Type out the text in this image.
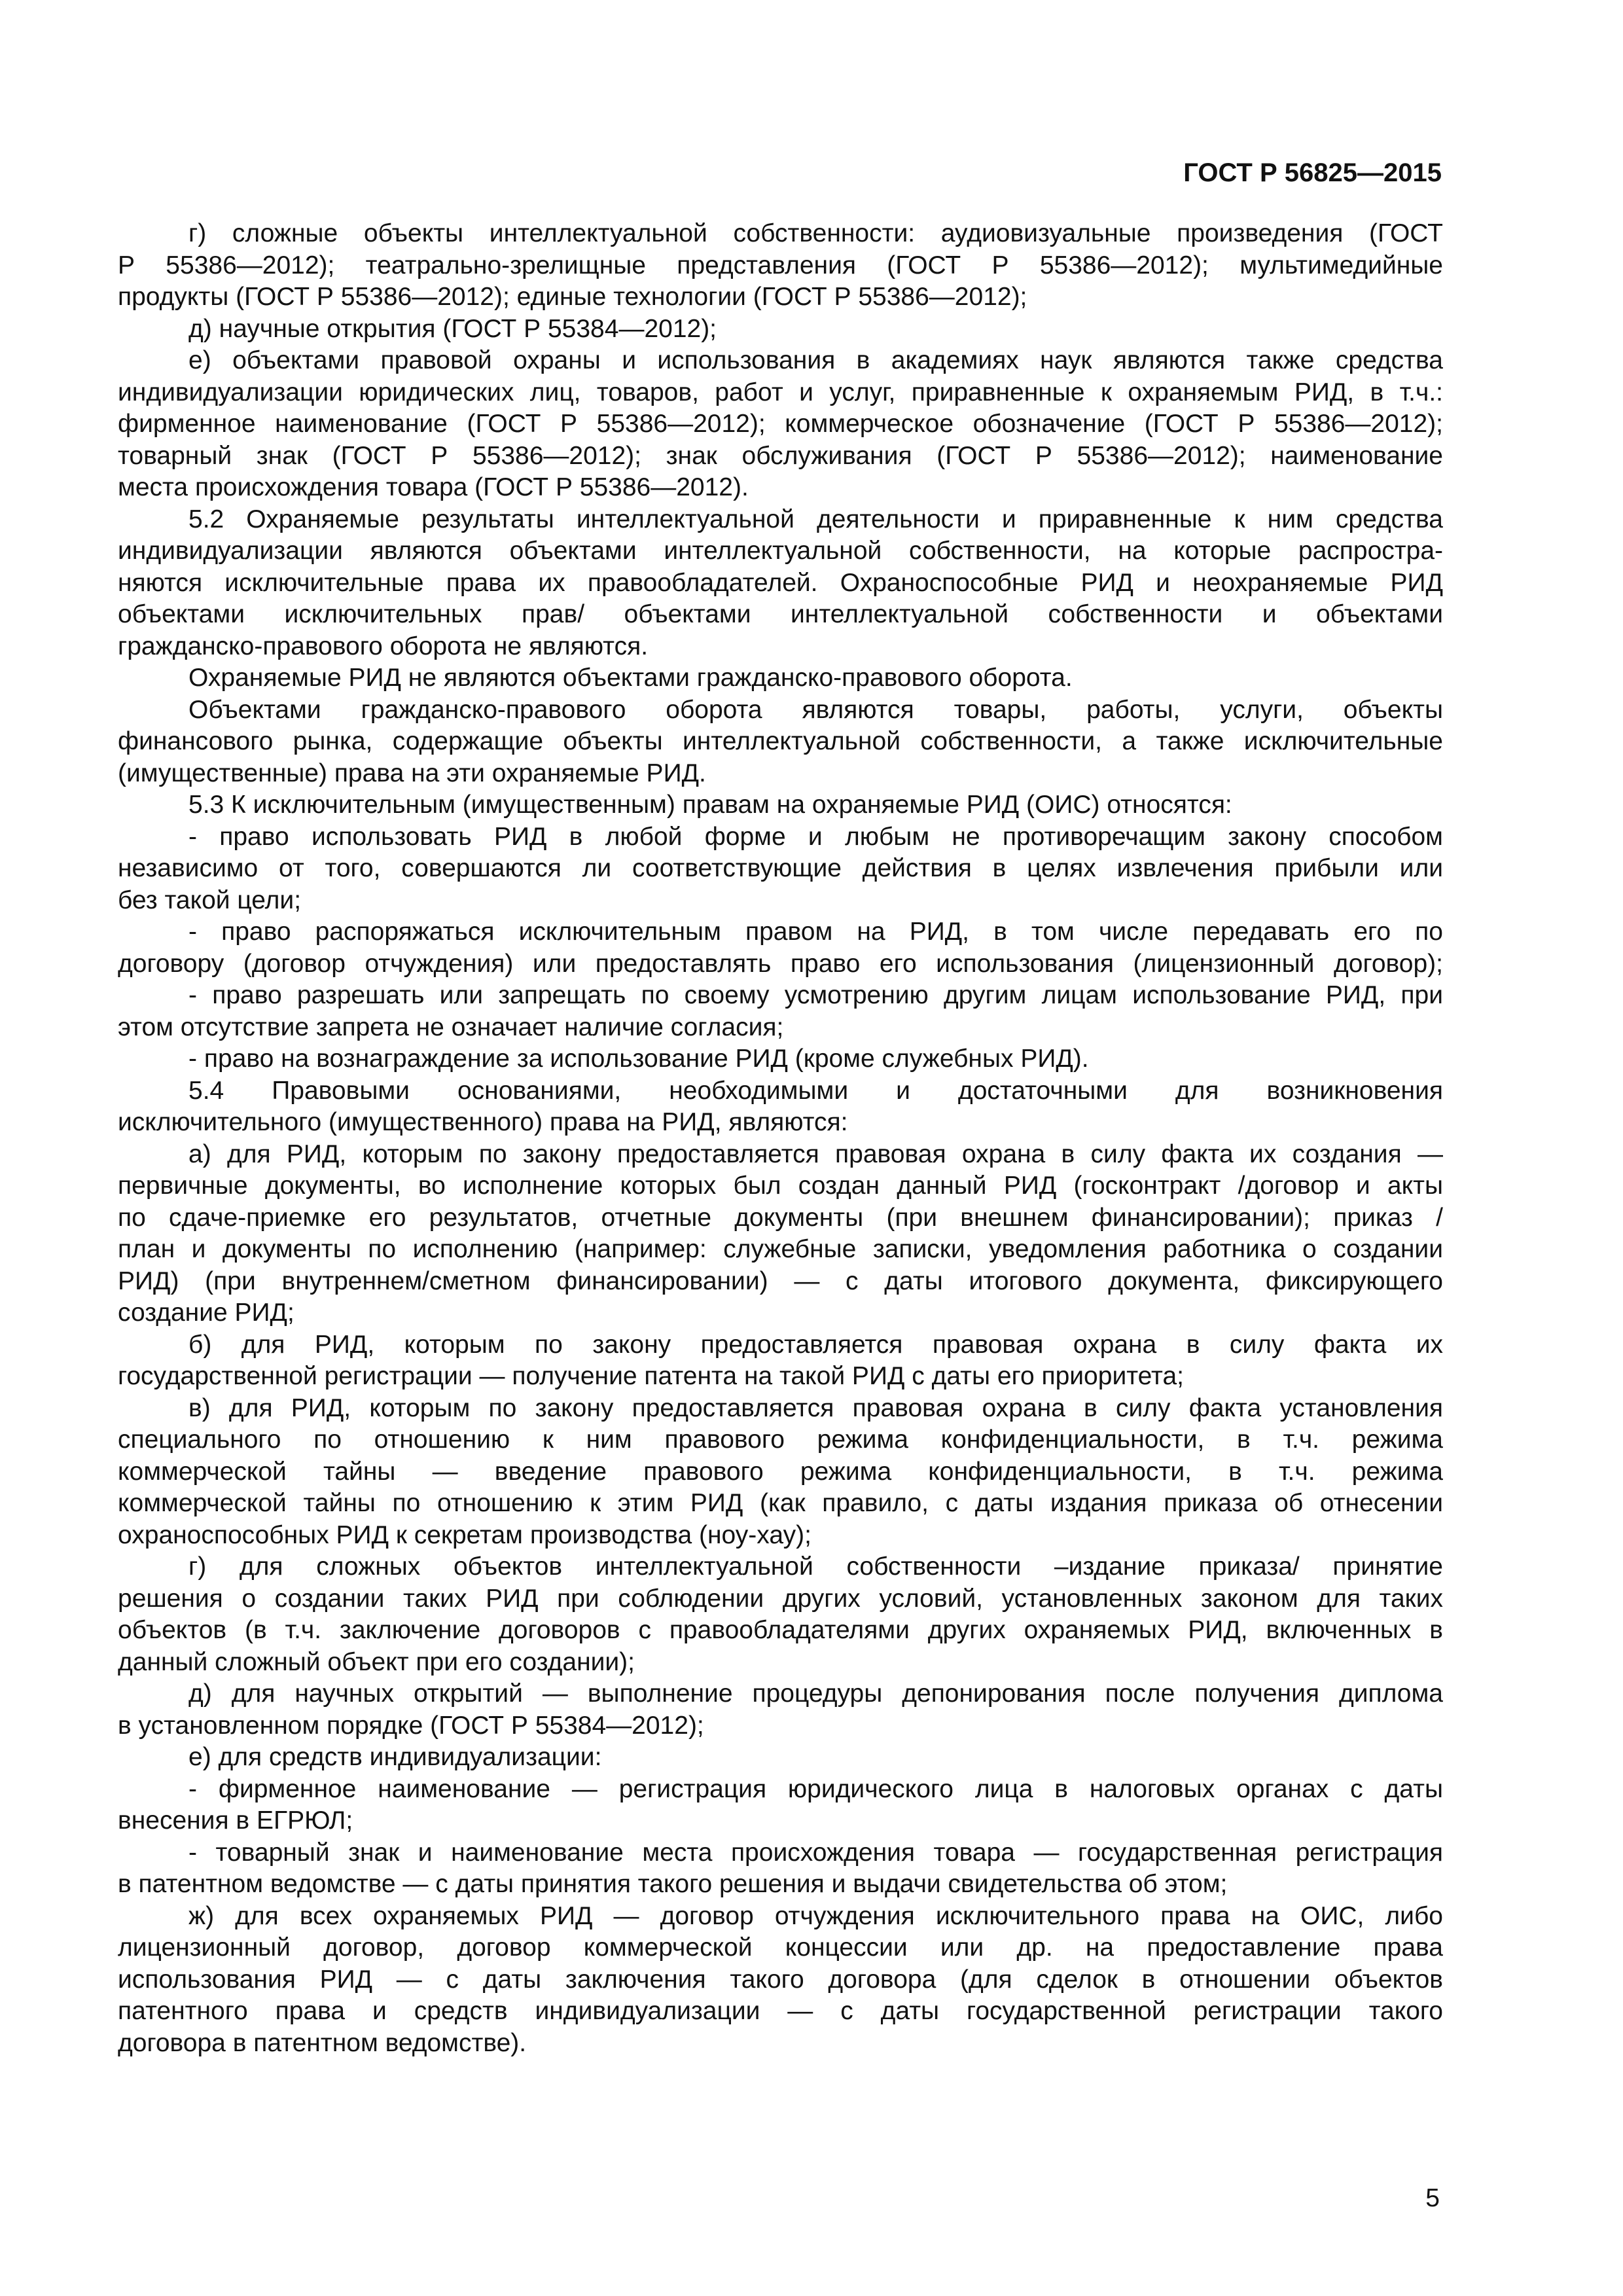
ГОСТ Р 56825—2015

г) сложные объекты интеллектуальной собственности: аудиовизуальные произведения (ГОСТ

Р 55386—2012); театрально-зрелищные представления (ГОСТ Р 55386—2012); мультимедийные

продукты (ГОСТ Р 55386—2012); единые технологии (ГОСТ Р 55386—2012);

д) научные открытия (ГОСТ Р 55384—2012);

е) объектами правовой охраны и использования в академиях наук являются также средства

индивидуализации юридических лиц, товаров, работ и услуг, приравненные к охраняемым РИД, в т.ч.:

фирменное наименование (ГОСТ Р 55386—2012); коммерческое обозначение (ГОСТ Р 55386—2012);

товарный знак (ГОСТ Р 55386—2012); знак обслуживания (ГОСТ Р 55386—2012); наименование

места происхождения товара (ГОСТ Р 55386—2012).

5.2 Охраняемые результаты интеллектуальной деятельности и приравненные к ним средства

индивидуализации являются объектами интеллектуальной собственности, на которые распростра-

няются исключительные права их правообладателей. Охраноспособные РИД и неохраняемые РИД

объектами исключительных прав/ объектами интеллектуальной собственности и объектами

гражданско-правового оборота не являются.

Охраняемые РИД не являются объектами гражданско-правового оборота.

Объектами гражданско-правового оборота являются товары, работы, услуги, объекты

финансового рынка, содержащие объекты интеллектуальной собственности, а также исключительные

(имущественные) права на эти охраняемые РИД.

5.3 К исключительным (имущественным) правам на охраняемые РИД (ОИС) относятся:

- право использовать РИД в любой форме и любым не противоречащим закону способом

независимо от того, совершаются ли соответствующие действия в целях извлечения прибыли или

без такой цели;

- право распоряжаться исключительным правом на РИД, в том числе передавать его по

договору (договор отчуждения) или предоставлять право его использования (лицензионный договор);

- право разрешать или запрещать по своему усмотрению другим лицам использование РИД, при

этом отсутствие запрета не означает наличие согласия;

- право на вознаграждение за использование РИД (кроме служебных РИД).

5.4 Правовыми основаниями, необходимыми и достаточными для возникновения

исключительного (имущественного) права на РИД, являются:

а) для РИД, которым по закону предоставляется правовая охрана в силу факта их создания —

первичные документы, во исполнение которых был создан данный РИД (госконтракт /договор и акты

по сдаче-приемке его результатов, отчетные документы (при внешнем финансировании); приказ /

план и документы по исполнению (например: служебные записки, уведомления работника о создании

РИД) (при внутреннем/сметном финансировании) — с даты итогового документа, фиксирующего

создание РИД;

б) для РИД, которым по закону предоставляется правовая охрана в силу факта их

государственной регистрации — получение патента на такой РИД с даты его приоритета;

в) для РИД, которым по закону предоставляется правовая охрана в силу факта установления

специального по отношению к ним правового режима конфиденциальности, в т.ч. режима

коммерческой тайны — введение правового режима конфиденциальности, в т.ч. режима

коммерческой тайны по отношению к этим РИД (как правило, с даты издания приказа об отнесении

охраноспособных РИД к секретам производства (ноу-хау);

г) для сложных объектов интеллектуальной собственности –издание приказа/ принятие

решения о создании таких РИД при соблюдении других условий, установленных законом для таких

объектов (в т.ч. заключение договоров с правообладателями других охраняемых РИД, включенных в

данный сложный объект при его создании);

д) для научных открытий — выполнение процедуры депонирования после получения диплома

в установленном порядке (ГОСТ Р 55384—2012);

е) для средств индивидуализации:

- фирменное наименование — регистрация юридического лица в налоговых органах с даты

внесения в ЕГРЮЛ;

- товарный знак и наименование места происхождения товара — государственная регистрация

в патентном ведомстве — с даты принятия такого решения и выдачи свидетельства об этом;

ж) для всех охраняемых РИД — договор отчуждения исключительного права на ОИС, либо

лицензионный договор, договор коммерческой концессии или др. на предоставление права

использования РИД — с даты заключения такого договора (для сделок в отношении объектов

патентного права и средств индивидуализации — с даты государственной регистрации такого

договора в патентном ведомстве).

5
